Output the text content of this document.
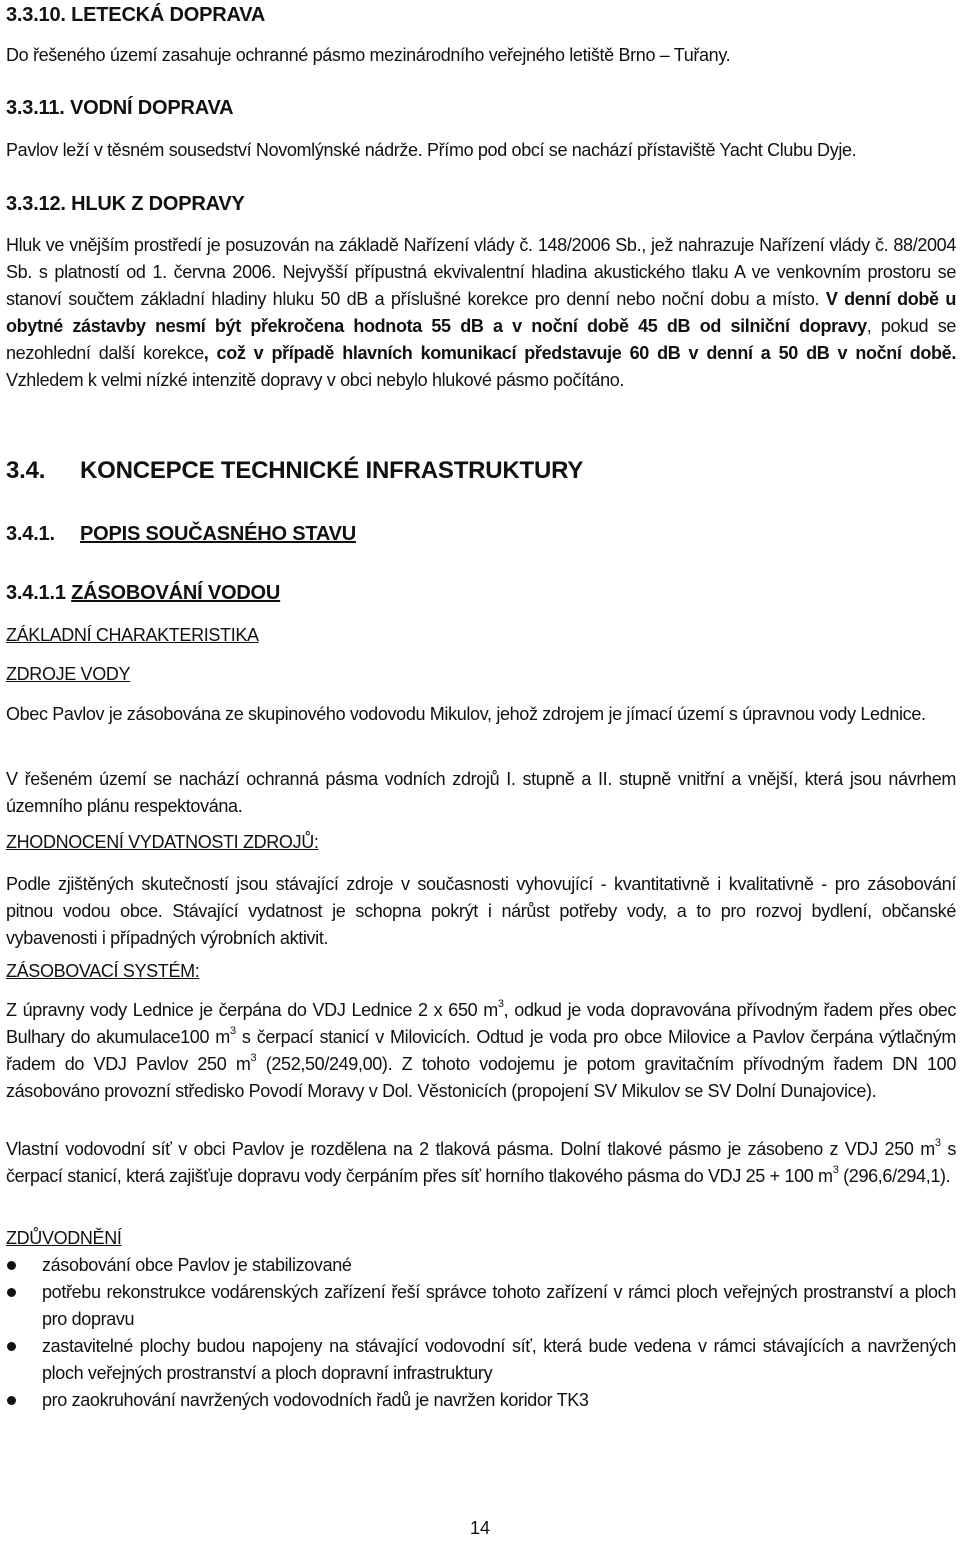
3.3.10. LETECKÁ DOPRAVA
Do řešeného území zasahuje ochranné pásmo mezinárodního veřejného letiště Brno – Tuřany.
3.3.11. VODNÍ DOPRAVA
Pavlov leží v těsném sousedství Novomlýnské nádrže. Přímo pod obcí se nachází přístaviště Yacht Clubu Dyje.
3.3.12. HLUK Z DOPRAVY
Hluk ve vnějším prostředí je posuzován na základě Nařízení vlády č. 148/2006 Sb., jež nahrazuje Nařízení vlády č. 88/2004 Sb. s platností od 1. června 2006. Nejvyšší přípustná ekvivalentní hladina akustického tlaku A ve venkovním prostoru se stanoví součtem základní hladiny hluku 50 dB a příslušné korekce pro denní nebo noční dobu a místo. V denní době u obytné zástavby nesmí být překročena hodnota 55 dB a v noční době 45 dB od silniční dopravy, pokud se nezohlední další korekce, což v případě hlavních komunikací představuje 60 dB v denní a 50 dB v noční době. Vzhledem k velmi nízké intenzitě dopravy v obci nebylo hlukové pásmo počítáno.
3.4. KONCEPCE TECHNICKÉ INFRASTRUKTURY
3.4.1. POPIS SOUČASNÉHO STAVU
3.4.1.1 ZÁSOBOVÁNÍ VODOU
ZÁKLADNÍ CHARAKTERISTIKA
ZDROJE VODY
Obec Pavlov je zásobována ze skupinového vodovodu Mikulov, jehož zdrojem je jímací území s úpravnou vody Lednice.
V řešeném území se nachází ochranná pásma vodních zdrojů I. stupně a II. stupně vnitřní a vnější, která jsou návrhem územního plánu respektována.
ZHODNOCENÍ VYDATNOSTI ZDROJŮ:
Podle zjištěných skutečností jsou stávající zdroje v současnosti vyhovující - kvantitativně i kvalitativně - pro zásobování pitnou vodou obce. Stávající vydatnost je schopna pokrýt i nárůst potřeby vody, a to pro rozvoj bydlení, občanské vybavenosti i případných výrobních aktivit.
ZÁSOBOVACÍ SYSTÉM:
Z úpravny vody Lednice je čerpána do VDJ Lednice 2 x 650 $m^3$, odkud je voda dopravována přívodným řadem přes obec Bulhary do akumulace100 $m^3$ s čerpací stanicí v Milovicích. Odtud je voda pro obce Milovice a Pavlov čerpána výtlačným řadem do VDJ Pavlov 250 $m^3$ (252,50/249,00). Z tohoto vodojemu je potom gravitačním přívodným řadem DN 100 zásobováno provozní středisko Povodí Moravy v Dol. Věstonicích (propojení SV Mikulov se SV Dolní Dunajovice).
Vlastní vodovodní síť v obci Pavlov je rozdělena na 2 tlaková pásma. Dolní tlakové pásmo je zásobeno z VDJ 250 $m^3$ s čerpací stanicí, která zajišťuje dopravu vody čerpáním přes síť horního tlakového pásma do VDJ 25 + 100 $m^3$ (296,6/294,1).
ZDŮVODNĚNÍ
zásobování obce Pavlov je stabilizované
potřebu rekonstrukce vodárenských zařízení řeší správce tohoto zařízení v rámci ploch veřejných prostranství a ploch pro dopravu
zastavitelné plochy budou napojeny na stávající vodovodní síť, která bude vedena v rámci stávajících a navržených ploch veřejných prostranství a ploch dopravní infrastruktury
pro zaokruhování navržených vodovodních řadů je navržen koridor TK3
14
